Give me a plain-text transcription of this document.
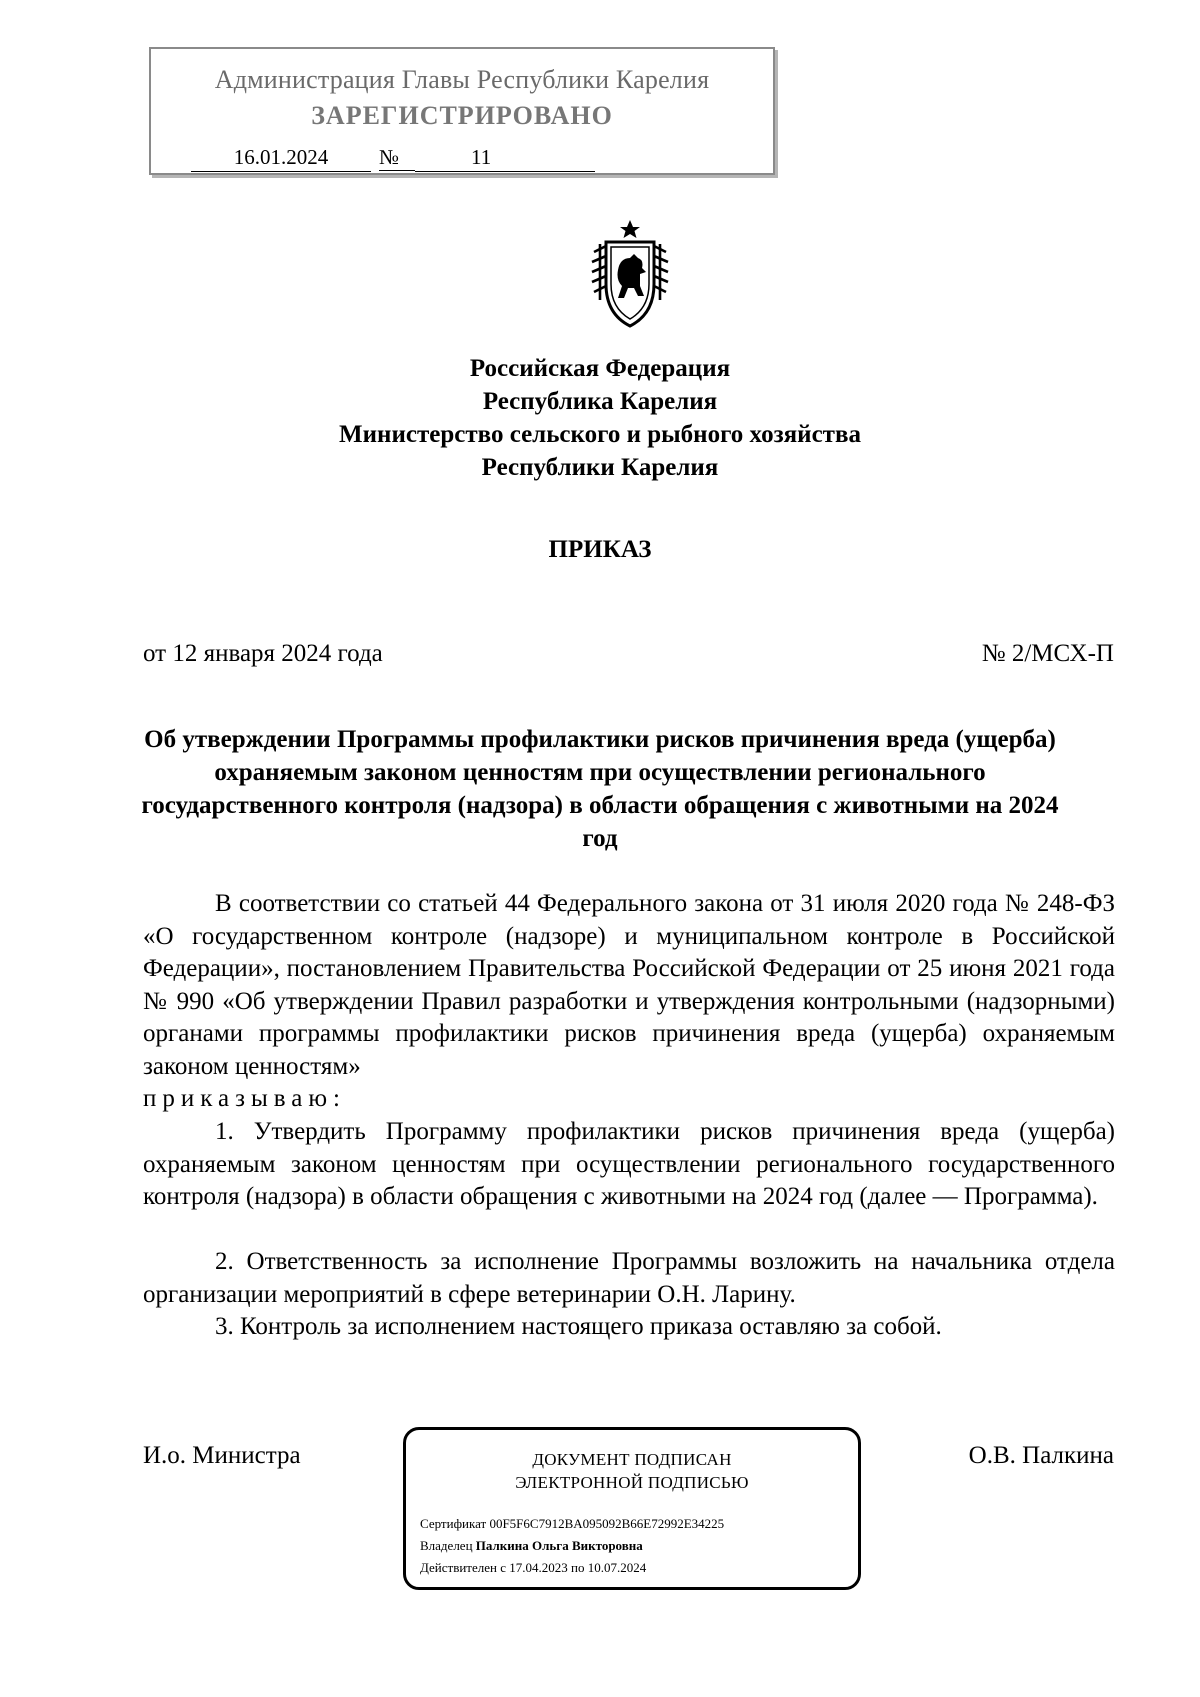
Администрация Главы Республики Карелия
ЗАРЕГИСТРИРОВАНО
16.01.2024	№	11
Российская Федерация
Республика Карелия
Министерство сельского и рыбного хозяйства
Республики Карелия
ПРИКАЗ
от 12 января 2024 года	№ 2/МСХ-П
Об утверждении Программы профилактики рисков причинения вреда (ущерба) охраняемым законом ценностям при осуществлении регионального государственного контроля (надзора) в области обращения с животными на 2024 год
В соответствии со статьей 44 Федерального закона от 31 июля 2020 года № 248-ФЗ «О государственном контроле (надзоре) и муниципальном контроле в Российской Федерации», постановлением Правительства Российской Федерации от 25 июня 2021 года № 990 «Об утверждении Правил разработки и утверждения контрольными (надзорными) органами программы профилактики рисков причинения вреда (ущерба) охраняемым законом ценностям»
приказываю:
1. Утвердить Программу профилактики рисков причинения вреда (ущерба) охраняемым законом ценностям при осуществлении регионального государственного контроля (надзора) в области обращения с животными на 2024 год (далее — Программа).
2. Ответственность за исполнение Программы возложить на начальника отдела организации мероприятий в сфере ветеринарии О.Н. Ларину.
3. Контроль за исполнением настоящего приказа оставляю за собой.
И.о. Министра	О.В. Палкина
ДОКУМЕНТ ПОДПИСАН
ЭЛЕКТРОННОЙ ПОДПИСЬЮ
Сертификат 00F5F6C7912BA095092B66E72992E34225
Владелец Палкина Ольга Викторовна
Действителен с 17.04.2023 по 10.07.2024
